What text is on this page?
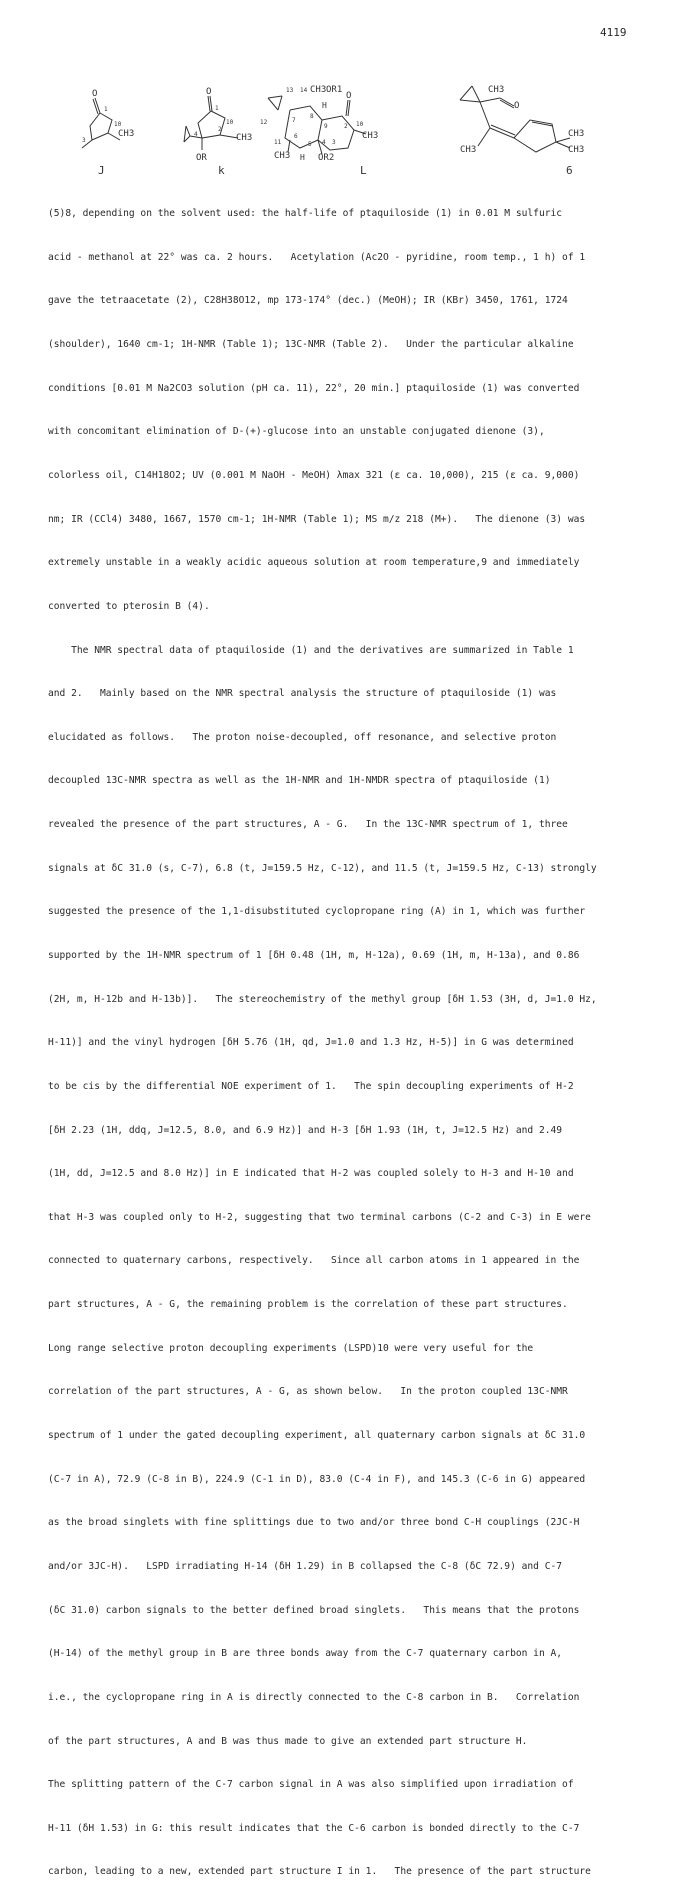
4119
O
1
10
CH3
3
J
O
1
10
2
CH3
4
OR
k
13 14 CH3 OR1
H
O
12	7
8
9	10
11
CH3
6
5 4 3
2
H OR2
CH3
L
CH3
O
CH3
CH3
CH3
6

(5)8, depending on the solvent used: the half-life of ptaquiloside (1) in 0.01 M sulfuric

acid - methanol at 22° was ca. 2 hours.   Acetylation (Ac2O - pyridine, room temp., 1 h) of 1

gave the tetraacetate (2), C28H38O12, mp 173-174° (dec.) (MeOH); IR (KBr) 3450, 1761, 1724

(shoulder), 1640 cm-1; 1H-NMR (Table 1); 13C-NMR (Table 2).   Under the particular alkaline

conditions [0.01 M Na2CO3 solution (pH ca. 11), 22°, 20 min.] ptaquiloside (1) was converted

with concomitant elimination of D-(+)-glucose into an unstable conjugated dienone (3),

colorless oil, C14H18O2; UV (0.001 M NaOH - MeOH) λmax 321 (ε ca. 10,000), 215 (ε ca. 9,000)

nm; IR (CCl4) 3480, 1667, 1570 cm-1; 1H-NMR (Table 1); MS m/z 218 (M+).   The dienone (3) was

extremely unstable in a weakly acidic aqueous solution at room temperature,9 and immediately

converted to pterosin B (4).

The NMR spectral data of ptaquiloside (1) and the derivatives are summarized in Table 1

and 2.   Mainly based on the NMR spectral analysis the structure of ptaquiloside (1) was

elucidated as follows.   The proton noise-decoupled, off resonance, and selective proton

decoupled 13C-NMR spectra as well as the 1H-NMR and 1H-NMDR spectra of ptaquiloside (1)

revealed the presence of the part structures, A - G.   In the 13C-NMR spectrum of 1, three

signals at δC 31.0 (s, C-7), 6.8 (t, J=159.5 Hz, C-12), and 11.5 (t, J=159.5 Hz, C-13) strongly

suggested the presence of the 1,1-disubstituted cyclopropane ring (A) in 1, which was further

supported by the 1H-NMR spectrum of 1 [δH 0.48 (1H, m, H-12a), 0.69 (1H, m, H-13a), and 0.86

(2H, m, H-12b and H-13b)].   The stereochemistry of the methyl group [δH 1.53 (3H, d, J=1.0 Hz,

H-11)] and the vinyl hydrogen [δH 5.76 (1H, qd, J=1.0 and 1.3 Hz, H-5)] in G was determined

to be cis by the differential NOE experiment of 1.   The spin decoupling experiments of H-2

[δH 2.23 (1H, ddq, J=12.5, 8.0, and 6.9 Hz)] and H-3 [δH 1.93 (1H, t, J=12.5 Hz) and 2.49

(1H, dd, J=12.5 and 8.0 Hz)] in E indicated that H-2 was coupled solely to H-3 and H-10 and

that H-3 was coupled only to H-2, suggesting that two terminal carbons (C-2 and C-3) in E were

connected to quaternary carbons, respectively.   Since all carbon atoms in 1 appeared in the

part structures, A - G, the remaining problem is the correlation of these part structures.

Long range selective proton decoupling experiments (LSPD)10 were very useful for the

correlation of the part structures, A - G, as shown below.   In the proton coupled 13C-NMR

spectrum of 1 under the gated decoupling experiment, all quaternary carbon signals at δC 31.0

(C-7 in A), 72.9 (C-8 in B), 224.9 (C-1 in D), 83.0 (C-4 in F), and 145.3 (C-6 in G) appeared

as the broad singlets with fine splittings due to two and/or three bond C-H couplings (2JC-H

and/or 3JC-H).   LSPD irradiating H-14 (δH 1.29) in B collapsed the C-8 (δC 72.9) and C-7

(δC 31.0) carbon signals to the better defined broad singlets.   This means that the protons

(H-14) of the methyl group in B are three bonds away from the C-7 quaternary carbon in A,

i.e., the cyclopropane ring in A is directly connected to the C-8 carbon in B.   Correlation

of the part structures, A and B was thus made to give an extended part structure H.

The splitting pattern of the C-7 carbon signal in A was also simplified upon irradiation of

H-11 (δH 1.53) in G: this result indicates that the C-6 carbon is bonded directly to the C-7

carbon, leading to a new, extended part structure I in 1.   The presence of the part structure
